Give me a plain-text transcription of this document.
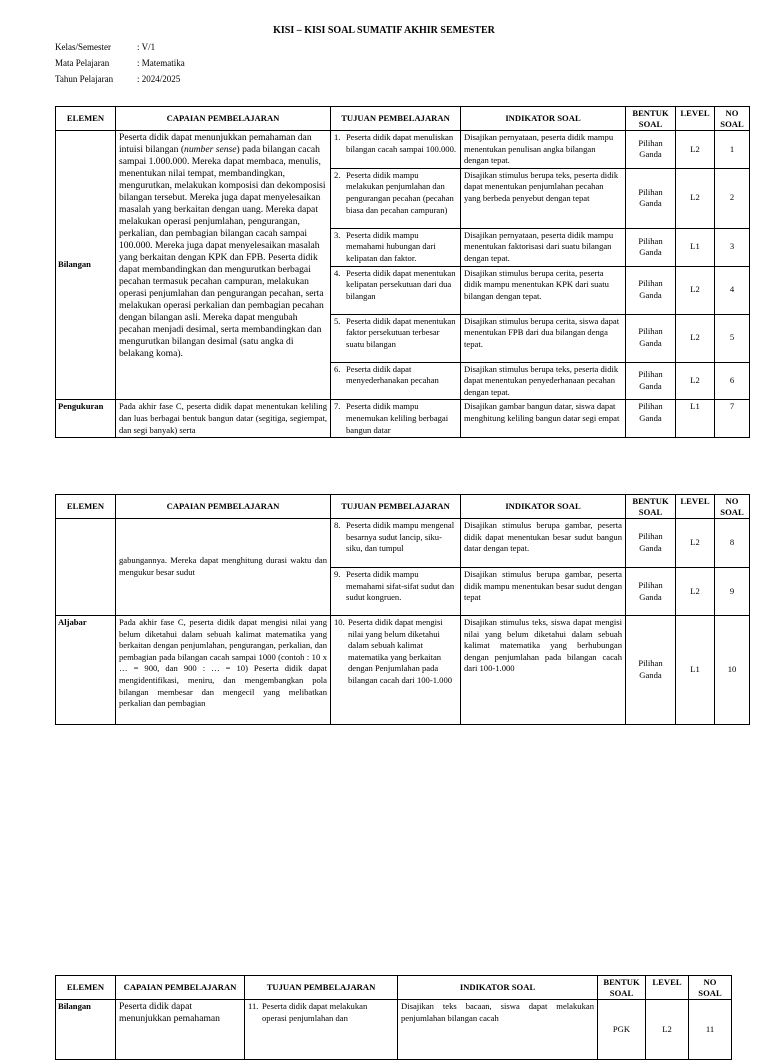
KISI – KISI SOAL SUMATIF AKHIR SEMESTER
Kelas/Semester	: V/1
Mata Pelajaran	: Matematika
Tahun Pelajaran	: 2024/2025
ELEMEN	CAPAIAN PEMBELAJARAN	TUJUAN PEMBELAJARAN	INDIKATOR SOAL	BENTUK SOAL	LEVEL	NO SOAL
Bilangan	Peserta didik dapat menunjukkan pemahaman dan intuisi bilangan (number sense) pada bilangan cacah sampai 1.000.000. Mereka dapat membaca, menulis, menentukan nilai tempat, membandingkan, mengurutkan, melakukan komposisi dan dekomposisi bilangan tersebut. Mereka juga dapat menyelesaikan masalah yang berkaitan dengan uang. Mereka dapat melakukan operasi penjumlahan, pengurangan, perkalian, dan pembagian bilangan cacah sampai 100.000. Mereka juga dapat menyelesaikan masalah yang berkaitan dengan KPK dan FPB. Peserta didik dapat membandingkan dan mengurutkan berbagai pecahan termasuk pecahan campuran, melakukan operasi penjumlahan dan pengurangan pecahan, serta melakukan operasi perkalian dan pembagian pecahan dengan bilangan asli. Mereka dapat mengubah pecahan menjadi desimal, serta membandingkan dan mengurutkan bilangan desimal (satu angka di belakang koma).	1. Peserta didik dapat menuliskan bilangan cacah sampai 100.000.	Disajikan pernyataan, peserta didik mampu menentukan penulisan angka bilangan dengan tepat.	Pilihan Ganda	L2	1

		2. Peserta didik mampu melakukan penjumlahan dan pengurangan pecahan (pecahan biasa dan pecahan campuran)	Disajikan stimulus berupa teks, peserta didik dapat menentukan penjumlahan pecahan yang berbeda penyebut dengan tepat	Pilihan Ganda	L2	2

		3. Peserta didik mampu memahami hubungan dari kelipatan dan faktor.	Disajikan pernyataan, peserta didik mampu menentukan faktorisasi dari suatu bilangan dengan tepat.	Pilihan Ganda	L1	3

		4. Peserta didik dapat menentukan kelipatan persekutuan dari dua bilangan	Disajikan stimulus berupa cerita, peserta didik mampu menentukan KPK dari suatu bilangan dengan tepat.	Pilihan Ganda	L2	4

		5. Peserta didik dapat menentukan faktor persekutuan terbesar suatu bilangan	Disajikan stimulus berupa cerita, siswa dapat menentukan FPB dari dua bilangan denga tepat.	Pilihan Ganda	L2	5

		6. Peserta didik dapat menyederhanakan pecahan	Disajikan stimulus berupa teks, peserta didik dapat menentukan penyederhanaan pecahan dengan tepat.	Pilihan Ganda	L2	6
Pengukuran	Pada akhir fase C, peserta didik dapat menentukan keliling dan luas berbagai bentuk bangun datar (segitiga, segiempat, dan segi banyak) serta	7. Peserta didik mampu menemukan keliling berbagai bangun datar	Disajikan gambar bangun datar, siswa dapat menghitung keliling bangun datar segi empat	Pilihan Ganda	L1	7
ELEMEN	CAPAIAN PEMBELAJARAN	TUJUAN PEMBELAJARAN	INDIKATOR SOAL	BENTUK SOAL	LEVEL	NO SOAL
	gabungannya. Mereka dapat menghitung durasi waktu dan mengukur besar sudut	8. Peserta didik mampu mengenal besarnya sudut lancip, siku-siku, dan tumpul	Disajikan stimulus berupa gambar, peserta didik dapat menentukan besar sudut bangun datar dengan tepat.	Pilihan Ganda	L2	8

		9. Peserta didik mampu memahami sifat-sifat sudut dan sudut kongruen.	Disajikan stimulus berupa gambar, peserta didik mampu menentukan besar sudut dengan tepat	Pilihan Ganda	L2	9
Aljabar	Pada akhir fase C, peserta didik dapat mengisi nilai yang belum diketahui dalam sebuah kalimat matematika yang berkaitan dengan penjumlahan, pengurangan, perkalian, dan pembagian pada bilangan cacah sampai 1000 (contoh : 10 x … = 900, dan 900 : … = 10) Peserta didik dapat mengidentifikasi, meniru, dan mengembangkan pola bilangan membesar dan mengecil yang melibatkan perkalian dan pembagian	10. Peserta didik dapat mengisi nilai yang belum diketahui dalam sebuah kalimat matematika yang berkaitan dengan Penjumlahan pada bilangan cacah dari 100-1.000	Disajikan stimulus teks, siswa dapat mengisi nilai yang belum diketahui dalam sebuah kalimat matematika yang berhubungan dengan penjumlahan pada bilangan cacah dari 100-1.000	Pilihan Ganda	L1	10
ELEMEN	CAPAIAN PEMBELAJARAN	TUJUAN PEMBELAJARAN	INDIKATOR SOAL	BENTUK SOAL	LEVEL	NO SOAL
Bilangan	Peserta didik dapat menunjukkan pemahaman	11. Peserta didik dapat melakukan operasi penjumlahan dan	Disajikan teks bacaan, siswa dapat melakukan penjumlahan bilangan cacah	PGK	L2	11
